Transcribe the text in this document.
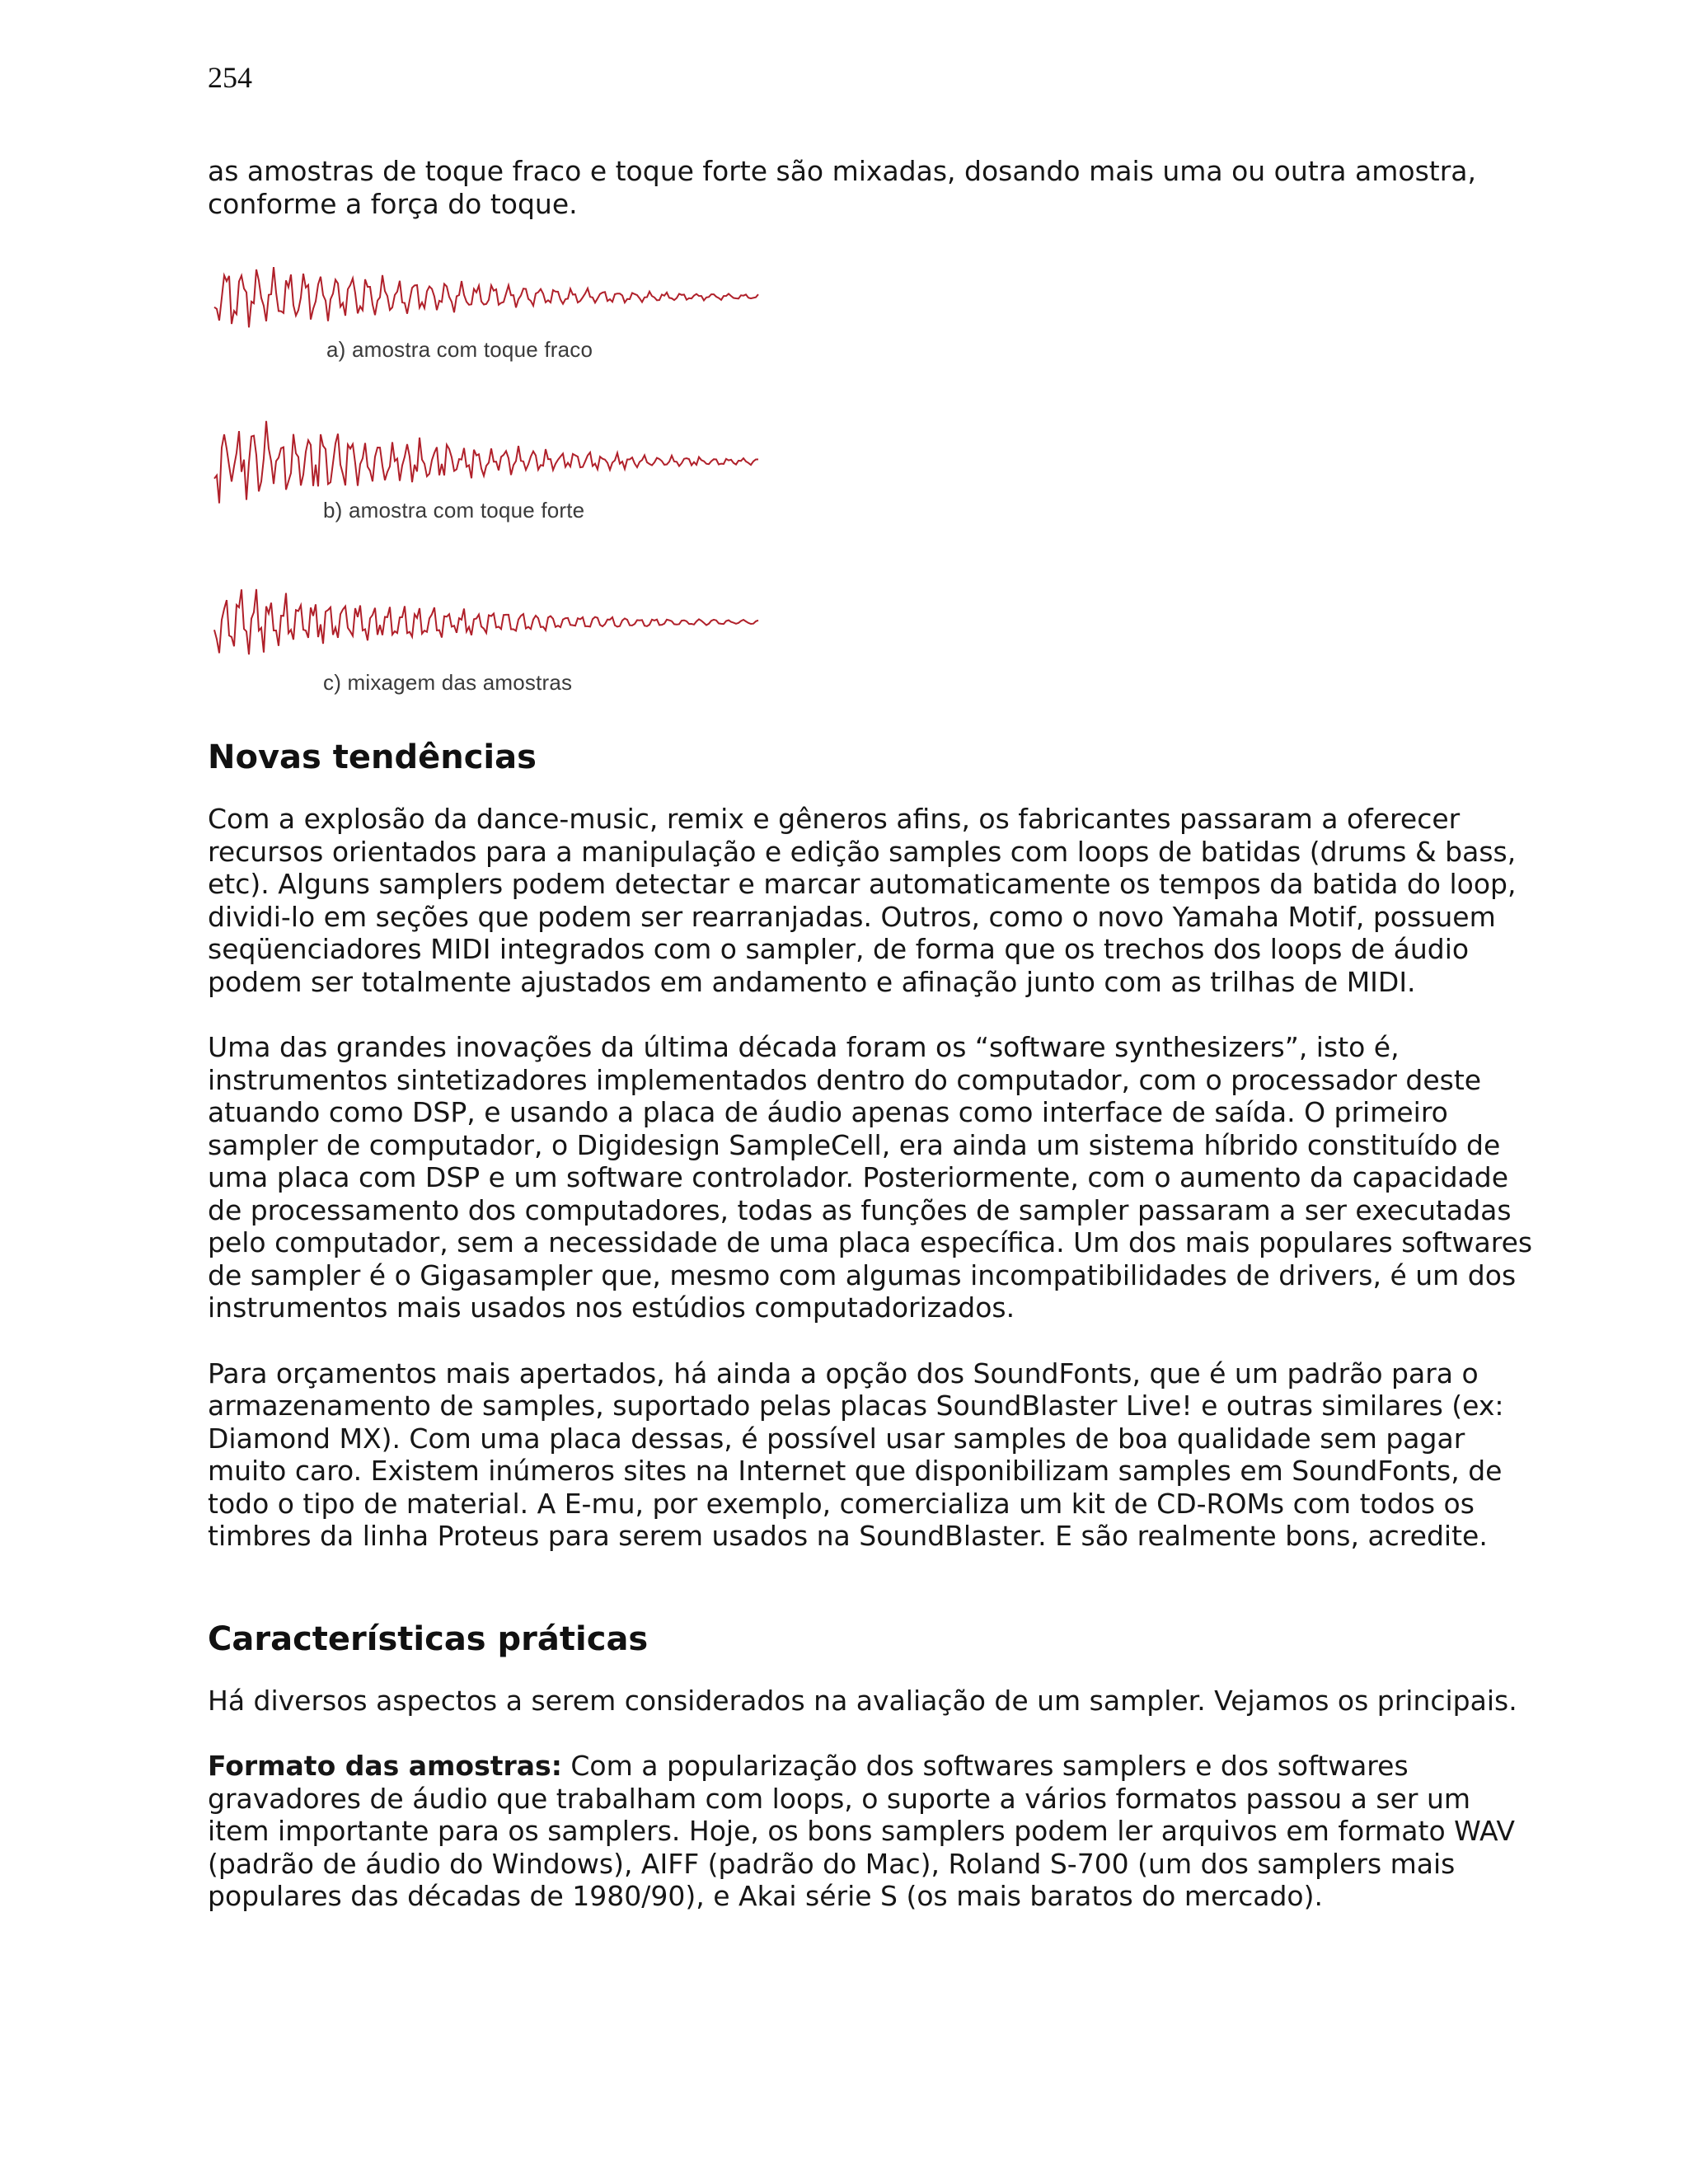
254

as amostras de toque fraco e toque forte são mixadas, dosando mais uma ou outra amostra, conforme a força do toque.

a) amostra com toque fraco
b) amostra com toque forte
c) mixagem das amostras
Novas tendências

Com a explosão da dance-music, remix e gêneros afins, os fabricantes passaram a oferecer recursos orientados para a manipulação e edição samples com loops de batidas (drums & bass, etc). Alguns samplers podem detectar e marcar automaticamente os tempos da batida do loop, dividi-lo em seções que podem ser rearranjadas. Outros, como o novo Yamaha Motif, possuem seqüenciadores MIDI integrados com o sampler, de forma que os trechos dos loops de áudio podem ser totalmente ajustados em andamento e afinação junto com as trilhas de MIDI.

Uma das grandes inovações da última década foram os “software synthesizers”, isto é, instrumentos sintetizadores implementados dentro do computador, com o processador deste atuando como DSP, e usando a placa de áudio apenas como interface de saída. O primeiro sampler de computador, o Digidesign SampleCell, era ainda um sistema híbrido constituído de uma placa com DSP e um software controlador. Posteriormente, com o aumento da capacidade de processamento dos computadores, todas as funções de sampler passaram a ser executadas pelo computador, sem a necessidade de uma placa específica. Um dos mais populares softwares de sampler é o Gigasampler que, mesmo com algumas incompatibilidades de drivers, é um dos instrumentos mais usados nos estúdios computadorizados.

Para orçamentos mais apertados, há ainda a opção dos SoundFonts, que é um padrão para o armazenamento de samples, suportado pelas placas SoundBlaster Live! e outras similares (ex: Diamond MX). Com uma placa dessas, é possível usar samples de boa qualidade sem pagar muito caro. Existem inúmeros sites na Internet que disponibilizam samples em SoundFonts, de todo o tipo de material. A E-mu, por exemplo, comercializa um kit de CD-ROMs com todos os timbres da linha Proteus para serem usados na SoundBlaster. E são realmente bons, acredite.

Características práticas

Há diversos aspectos a serem considerados na avaliação de um sampler. Vejamos os principais.

Formato das amostras: Com a popularização dos softwares samplers e dos softwares gravadores de áudio que trabalham com loops, o suporte a vários formatos passou a ser um item importante para os samplers. Hoje, os bons samplers podem ler arquivos em formato WAV (padrão de áudio do Windows), AIFF (padrão do Mac), Roland S-700 (um dos samplers mais populares das décadas de 1980/90), e Akai série S (os mais baratos do mercado).
